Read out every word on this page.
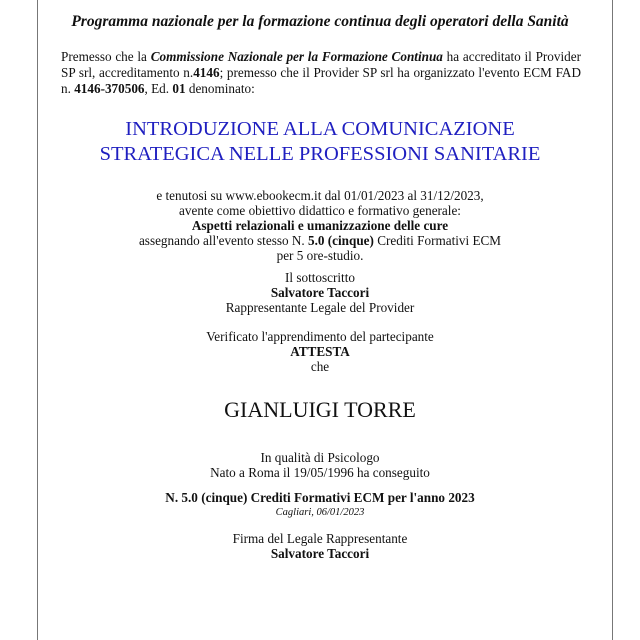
Programma nazionale per la formazione continua degli operatori della Sanità
Premesso che la Commissione Nazionale per la Formazione Continua ha accreditato il Provider SP srl, accreditamento n.4146; premesso che il Provider SP srl ha organizzato l'evento ECM FAD n. 4146-370506, Ed. 01 denominato:
INTRODUZIONE ALLA COMUNICAZIONE
STRATEGICA NELLE PROFESSIONI SANITARIE
e tenutosi su www.ebookecm.it dal 01/01/2023 al 31/12/2023,
avente come obiettivo didattico e formativo generale:
Aspetti relazionali e umanizzazione delle cure
assegnando all'evento stesso N. 5.0 (cinque) Crediti Formativi ECM
per 5 ore-studio.
Il sottoscritto
Salvatore Taccori
Rappresentante Legale del Provider
Verificato l'apprendimento del partecipante
ATTESTA
che
GIANLUIGI TORRE
In qualità di Psicologo
Nato a Roma il 19/05/1996 ha conseguito
N. 5.0 (cinque) Crediti Formativi ECM per l'anno 2023
Cagliari, 06/01/2023
Firma del Legale Rappresentante
Salvatore Taccori
